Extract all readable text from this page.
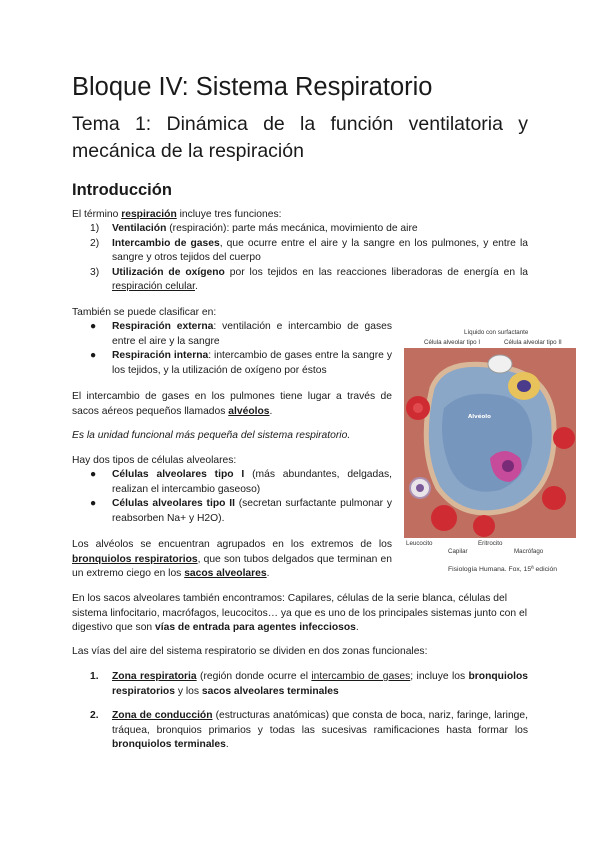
Bloque IV: Sistema Respiratorio
Tema 1: Dinámica de la función ventilatoria y mecánica de la respiración
Introducción
El término respiración incluye tres funciones:
1) Ventilación (respiración): parte más mecánica, movimiento de aire
2) Intercambio de gases, que ocurre entre el aire y la sangre en los pulmones, y entre la sangre y otros tejidos del cuerpo
3) Utilización de oxígeno por los tejidos en las reacciones liberadoras de energía en la respiración celular.
También se puede clasificar en:
● Respiración externa: ventilación e intercambio de gases entre el aire y la sangre
● Respiración interna: intercambio de gases entre la sangre y los tejidos, y la utilización de oxígeno por éstos
El intercambio de gases en los pulmones tiene lugar a través de sacos aéreos pequeños llamados alvéolos.
Es la unidad funcional más pequeña del sistema respiratorio.
Hay dos tipos de células alveolares:
● Células alveolares tipo I (más abundantes, delgadas, realizan el intercambio gaseoso)
● Células alveolares tipo II (secretan surfactante pulmonar y reabsorben Na+ y H2O).
Los alvéolos se encuentran agrupados en los extremos de los bronquiolos respiratorios, que son tubos delgados que terminan en un extremo ciego en los sacos alveolares.
En los sacos alveolares también encontramos: Capilares, células de la serie blanca, células del sistema linfocitario, macrófagos, leucocitos… ya que es uno de los principales sistemas junto con el digestivo que son vías de entrada para agentes infecciosos.
Las vías del aire del sistema respiratorio se dividen en dos zonas funcionales:
1. Zona respiratoria (región donde ocurre el intercambio de gases; incluye los bronquiolos respiratorios y los sacos alveolares terminales
2. Zona de conducción (estructuras anatómicas) que consta de boca, nariz, faringe, laringe, tráquea, bronquios primarios y todas las sucesivas ramificaciones hasta formar los bronquiolos terminales.
Líquido con surfactante
Célula alveolar tipo I	Célula alveolar tipo II
Alvéolo
Leucocito
Capilar
Eritrocito
Macrófago
Fisiología Humana. Fox, 15ª edición
